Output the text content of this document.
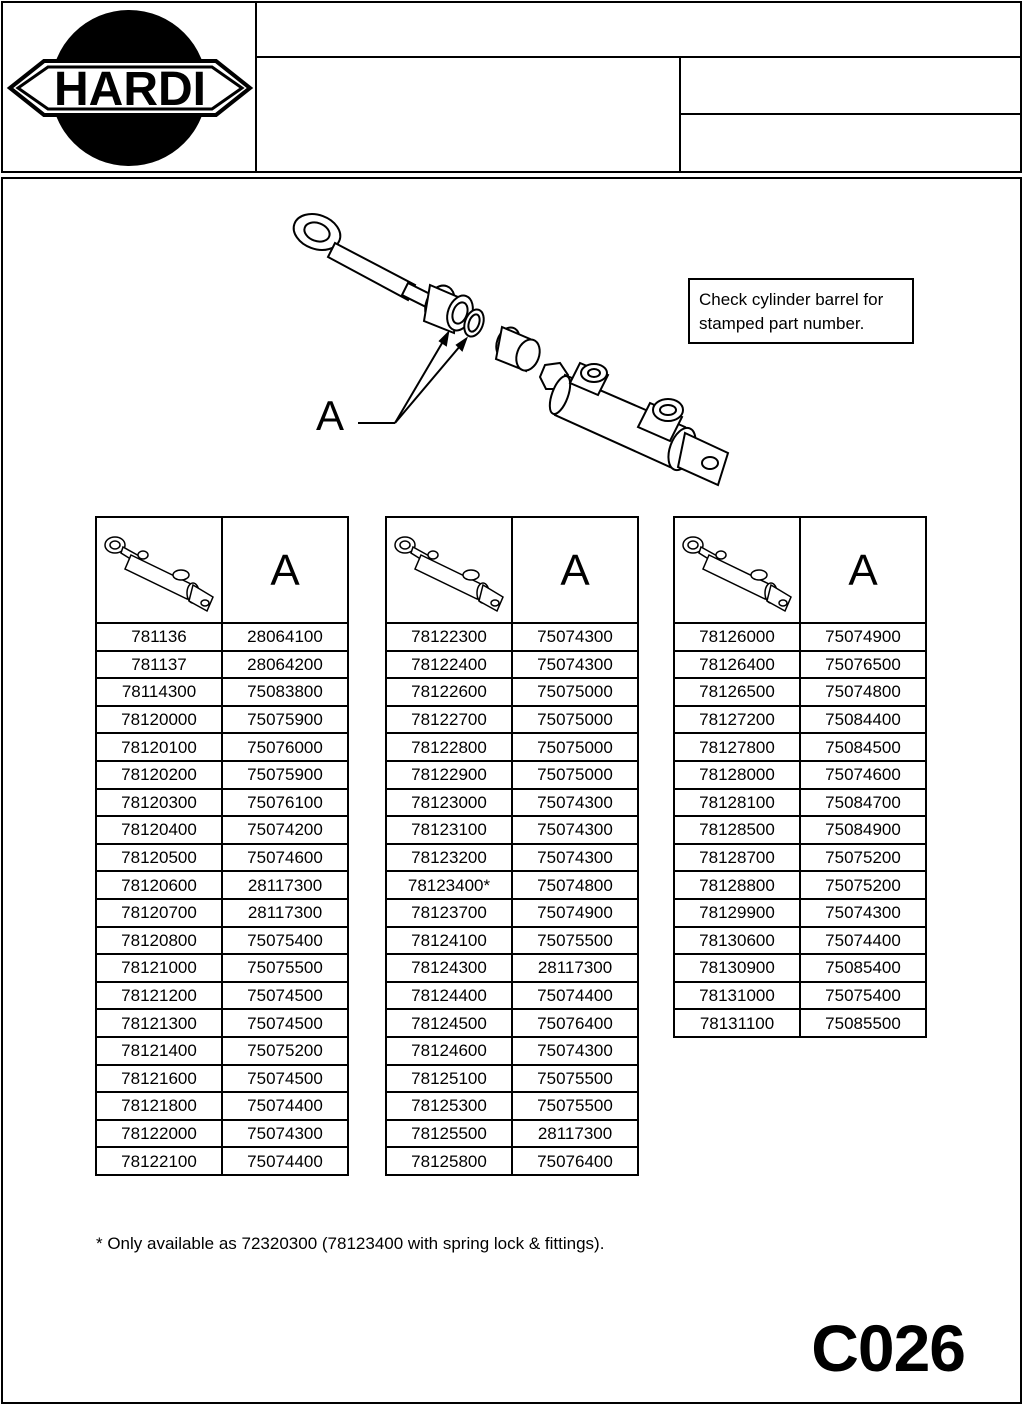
HARDI
A
Check cylinder barrel for
stamped part number.
	A
781136	28064100
781137	28064200
78114300	75083800
78120000	75075900
78120100	75076000
78120200	75075900
78120300	75076100
78120400	75074200
78120500	75074600
78120600	28117300
78120700	28117300
78120800	75075400
78121000	75075500
78121200	75074500
78121300	75074500
78121400	75075200
78121600	75074500
78121800	75074400
78122000	75074300
78122100	75074400
	A
78122300	75074300
78122400	75074300
78122600	75075000
78122700	75075000
78122800	75075000
78122900	75075000
78123000	75074300
78123100	75074300
78123200	75074300
78123400*	75074800
78123700	75074900
78124100	75075500
78124300	28117300
78124400	75074400
78124500	75076400
78124600	75074300
78125100	75075500
78125300	75075500
78125500	28117300
78125800	75076400
	A
78126000	75074900
78126400	75076500
78126500	75074800
78127200	75084400
78127800	75084500
78128000	75074600
78128100	75084700
78128500	75084900
78128700	75075200
78128800	75075200
78129900	75074300
78130600	75074400
78130900	75085400
78131000	75075400
78131100	75085500
* Only available as 72320300 (78123400 with spring lock & fittings).
C026
